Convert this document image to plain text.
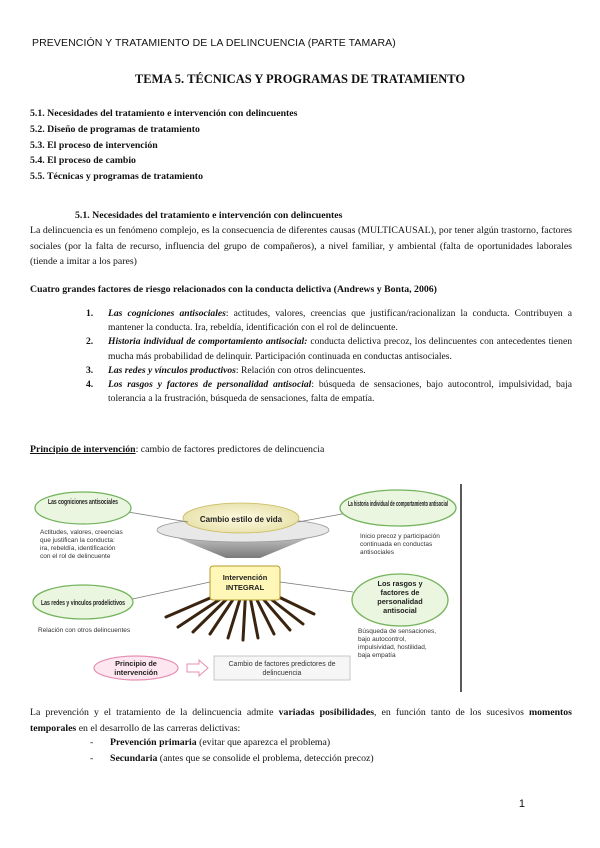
PREVENCIÓN Y TRATAMIENTO DE LA DELINCUENCIA (PARTE TAMARA)
TEMA 5. TÉCNICAS Y PROGRAMAS DE TRATAMIENTO
5.1. Necesidades del tratamiento e intervención con delincuentes
5.2. Diseño de programas de tratamiento
5.3. El proceso de intervención
5.4. El proceso de cambio
5.5. Técnicas y programas de tratamiento
5.1. Necesidades del tratamiento e intervención con delincuentes
La delincuencia es un fenómeno complejo, es la consecuencia de diferentes causas (MULTICAUSAL), por tener algún trastorno, factores sociales (por la falta de recurso, influencia del grupo de compañeros), a nivel familiar, y ambiental (falta de oportunidades laborales (tiende a imitar a los pares)
Cuatro grandes factores de riesgo relacionados con la conducta delictiva (Andrews y Bonta, 2006)
1. Las cogniciones antisociales: actitudes, valores, creencias que justifican/racionalizan la conducta. Contribuyen a mantener la conducta. Ira, rebeldía, identificación con el rol de delincuente.
2. Historia individual de comportamiento antisocial: conducta delictiva precoz, los delincuentes con antecedentes tienen mucha más probabilidad de delinquir. Participación continuada en conductas antisociales.
3. Las redes y vínculos productivos: Relación con otros delincuentes.
4. Los rasgos y factores de personalidad antisocial: búsqueda de sensaciones, bajo autocontrol, impulsividad, baja tolerancia a la frustración, búsqueda de sensaciones, falta de empatía.
Principio de intervención: cambio de factores predictores de delincuencia
Cambio estilo de vida
Intervención
INTEGRAL
Las cogniciones antisociales
Actitudes, valores, creencias
que justifican la conducta:
ira, rebeldía, identificación
con el rol de delincuente
La historia individual de comportamiento antisocial
Inicio precoz y participación
continuada en conductas
antisociales
Las redes y vínculos prodelictivos
Relación con otros delincuentes
Los rasgos y
factores de
personalidad
antisocial
Búsqueda de sensaciones,
bajo autocontrol,
impulsividad, hostilidad,
baja empatía
Principio de
intervención
Cambio de factores predictores de
delincuencia
La prevención y el tratamiento de la delincuencia admite variadas posibilidades, en función tanto de los sucesivos momentos temporales en el desarrollo de las carreras delictivas:
- Prevención primaria (evitar que aparezca el problema)
- Secundaria (antes que se consolide el problema, detección precoz)
1
